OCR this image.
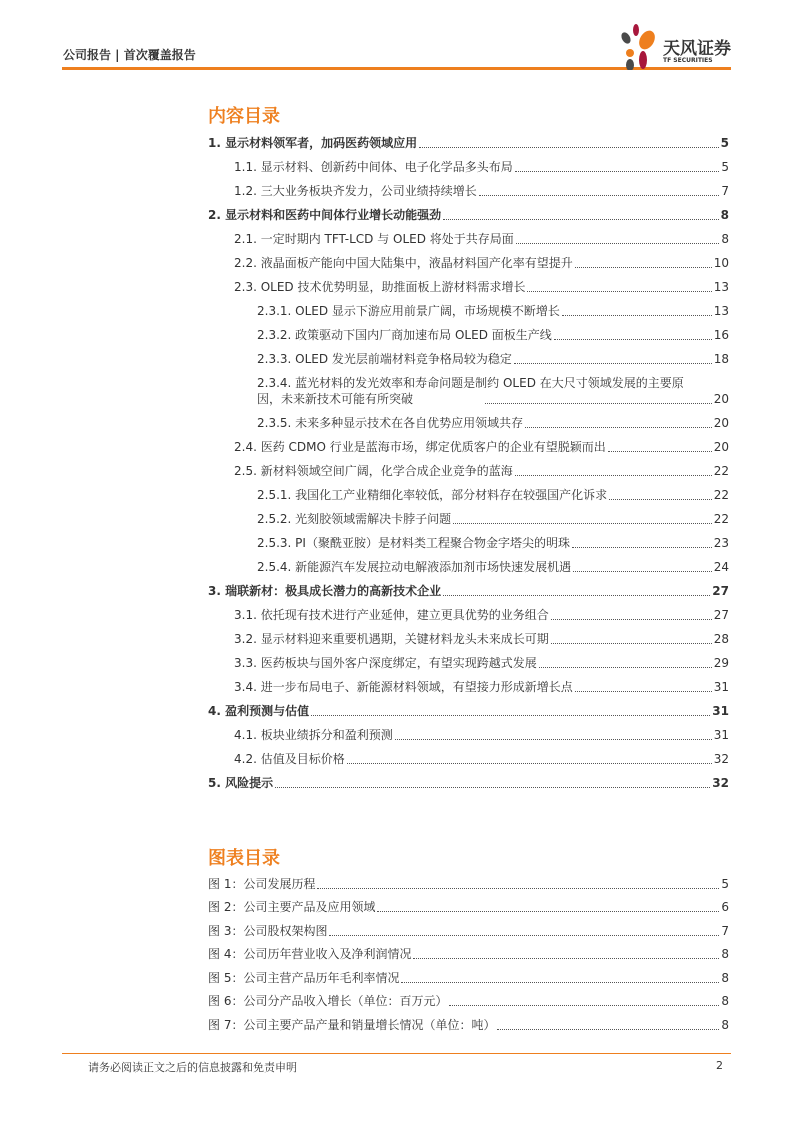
公司报告 | 首次覆盖报告	天风证券
TF SECURITIES
内容目录
1. 显示材料领军者，加码医药领域应用	5
1.1. 显示材料、创新药中间体、电子化学品多头布局	5
1.2. 三大业务板块齐发力，公司业绩持续增长	7
2. 显示材料和医药中间体行业增长动能强劲	8
2.1. 一定时期内 TFT-LCD 与 OLED 将处于共存局面	8
2.2. 液晶面板产能向中国大陆集中，液晶材料国产化率有望提升	10
2.3. OLED 技术优势明显，助推面板上游材料需求增长	13
2.3.1. OLED 显示下游应用前景广阔，市场规模不断增长	13
2.3.2. 政策驱动下国内厂商加速布局 OLED 面板生产线	16
2.3.3. OLED 发光层前端材料竞争格局较为稳定	18
2.3.4. 蓝光材料的发光效率和寿命问题是制约 OLED 在大尺寸领域发展的主要原
因，未来新技术可能有所突破	20
2.3.5. 未来多种显示技术在各自优势应用领域共存	20
2.4. 医药 CDMO 行业是蓝海市场，绑定优质客户的企业有望脱颖而出	20
2.5. 新材料领域空间广阔，化学合成企业竞争的蓝海	22
2.5.1. 我国化工产业精细化率较低，部分材料存在较强国产化诉求	22
2.5.2. 光刻胶领域需解决卡脖子问题	22
2.5.3. PI（聚酰亚胺）是材料类工程聚合物金字塔尖的明珠	23
2.5.4. 新能源汽车发展拉动电解液添加剂市场快速发展机遇	24
3. 瑞联新材：极具成长潜力的高新技术企业	27
3.1. 依托现有技术进行产业延伸，建立更具优势的业务组合	27
3.2. 显示材料迎来重要机遇期，关键材料龙头未来成长可期	28
3.3. 医药板块与国外客户深度绑定，有望实现跨越式发展	29
3.4. 进一步布局电子、新能源材料领域，有望接力形成新增长点	31
4. 盈利预测与估值	31
4.1. 板块业绩拆分和盈利预测	31
4.2. 估值及目标价格	32
5. 风险提示	32
图表目录
图 1：公司发展历程	5
图 2：公司主要产品及应用领域	6
图 3：公司股权架构图	7
图 4：公司历年营业收入及净利润情况	8
图 5：公司主营产品历年毛利率情况	8
图 6：公司分产品收入增长（单位：百万元）	8
图 7：公司主要产品产量和销量增长情况（单位：吨）	8
请务必阅读正文之后的信息披露和免责申明	2
